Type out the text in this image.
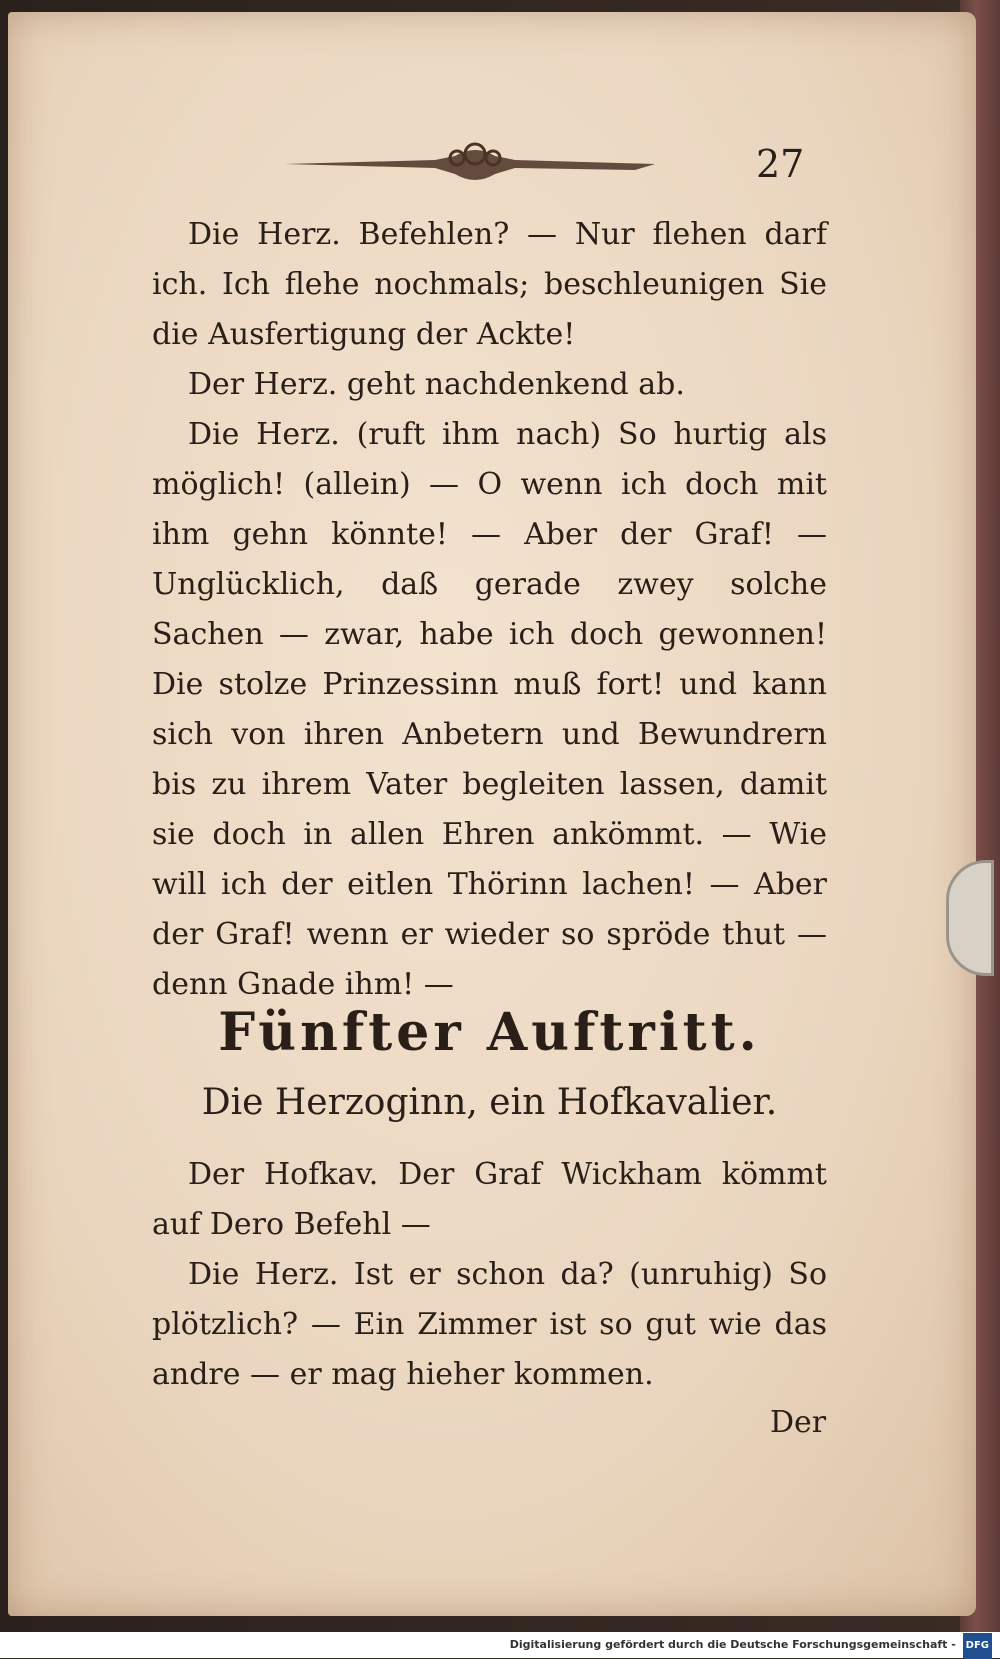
27

Die Herz. Befehlen? — Nur flehen darf ich. Ich flehe nochmals; beschleunigen Sie die Ausfertigung der Ackte!

Der Herz. geht nachdenkend ab.

Die Herz. (ruft ihm nach) So hurtig als möglich! (allein) — O wenn ich doch mit ihm gehn könnte! — Aber der Graf! — Unglücklich, daß gerade zwey solche Sachen — zwar, habe ich doch gewonnen! Die stolze Prinzessinn muß fort! und kann sich von ihren Anbetern und Bewundrern bis zu ihrem Vater begleiten lassen, damit sie doch in allen Ehren ankömmt. — Wie will ich der eitlen Thörinn lachen! — Aber der Graf! wenn er wieder so spröde thut — denn Gnade ihm! —

Fünfter Auftritt.
Die Herzoginn, ein Hofkavalier.

Der Hofkav. Der Graf Wickham kömmt auf Dero Befehl —

Die Herz. Ist er schon da? (unruhig) So plötzlich? — Ein Zimmer ist so gut wie das andre — er mag hieher kommen.

Der
Digitalisierung gefördert durch die Deutsche Forschungsgemeinschaft - DFG
